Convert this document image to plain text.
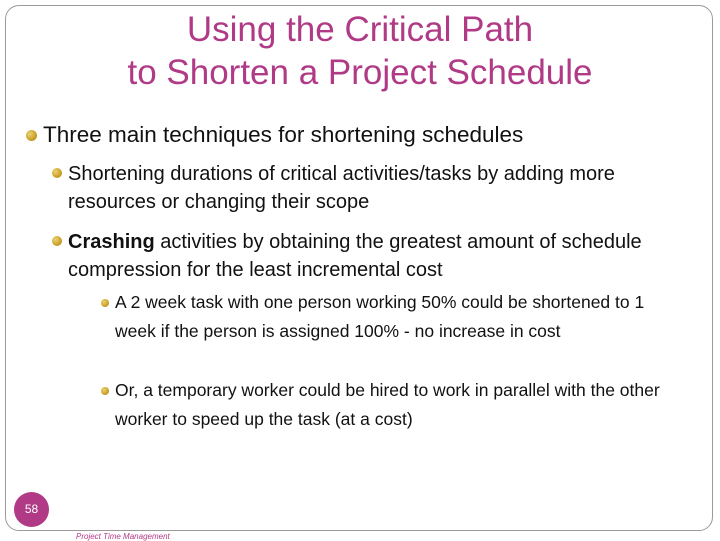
Using the Critical Path
to Shorten a Project Schedule
Three main techniques for shortening schedules
Shortening durations of critical activities/tasks by adding more resources or changing their scope
Crashing activities by obtaining the greatest amount of schedule compression for the least incremental cost
A 2 week task with one person working 50% could be shortened to 1 week if the person is assigned 100% - no increase in cost
Or, a temporary worker could be hired to work in parallel with the other worker to speed up the task (at a cost)
58
Project Time Management
